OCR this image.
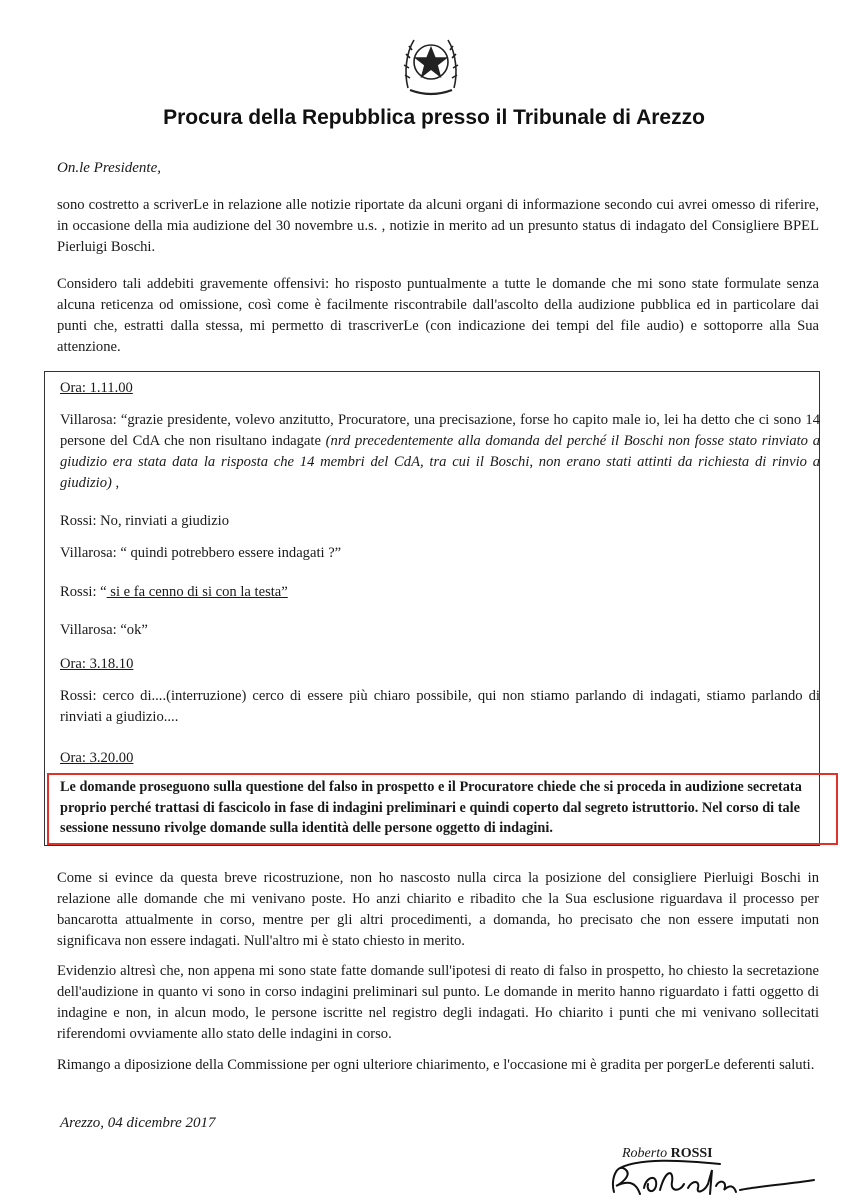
Procura della Repubblica presso il Tribunale di Arezzo
On.le Presidente,

sono costretto a scriverLe in relazione alle notizie riportate da alcuni organi di informazione secondo cui avrei omesso di riferire, in occasione della mia audizione del 30 novembre u.s. , notizie in merito ad un presunto status di indagato del Consigliere BPEL Pierluigi Boschi.

Considero tali addebiti gravemente offensivi: ho risposto puntualmente a tutte le domande che mi sono state formulate senza alcuna reticenza od omissione, così come è facilmente riscontrabile dall'ascolto della audizione pubblica ed in particolare dai punti che, estratti dalla stessa, mi permetto di trascriverLe (con indicazione dei tempi del file audio) e sottoporre alla Sua attenzione.

Ora: 1.11.00

Villarosa: “grazie presidente, volevo anzitutto, Procuratore, una precisazione, forse ho capito male io, lei ha detto che ci sono 14 persone del CdA che non risultano indagate (nrd precedentemente alla domanda del perché il Boschi non fosse stato rinviato a giudizio era stata data la risposta che 14 membri del CdA, tra cui il Boschi, non erano stati attinti da richiesta di rinvio a giudizio) ,

Rossi: No, rinviati a giudizio

Villarosa: “ quindi potrebbero essere indagati ?”

Rossi: “ si e fa cenno di si con la testa”

Villarosa: “ok”

Ora: 3.18.10

Rossi: cerco di....(interruzione) cerco di essere più chiaro possibile, qui non stiamo parlando di indagati, stiamo parlando di rinviati a giudizio....

Ora: 3.20.00

Le domande proseguono sulla questione del falso in prospetto e il Procuratore chiede che si proceda in audizione secretata proprio perché trattasi di fascicolo in fase di indagini preliminari e quindi coperto dal segreto istruttorio. Nel corso di tale sessione nessuno rivolge domande sulla identità delle persone oggetto di indagini.

Come si evince da questa breve ricostruzione, non ho nascosto nulla circa la posizione del consigliere Pierluigi Boschi in relazione alle domande che mi venivano poste. Ho anzi chiarito e ribadito che la Sua esclusione riguardava il processo per bancarotta attualmente in corso, mentre per gli altri procedimenti, a domanda, ho precisato che non essere imputati non significava non essere indagati. Null'altro mi è stato chiesto in merito.

Evidenzio altresì che, non appena mi sono state fatte domande sull'ipotesi di reato di falso in prospetto, ho chiesto la secretazione dell'audizione in quanto vi sono in corso indagini preliminari sul punto. Le domande in merito hanno riguardato i fatti oggetto di indagine e non, in alcun modo, le persone iscritte nel registro degli indagati. Ho chiarito i punti che mi venivano sollecitati riferendomi ovviamente allo stato delle indagini in corso.

Rimango a diposizione della Commissione per ogni ulteriore chiarimento, e l'occasione mi è gradita per porgerLe deferenti saluti.

Arezzo, 04 dicembre 2017
Roberto ROSSI
